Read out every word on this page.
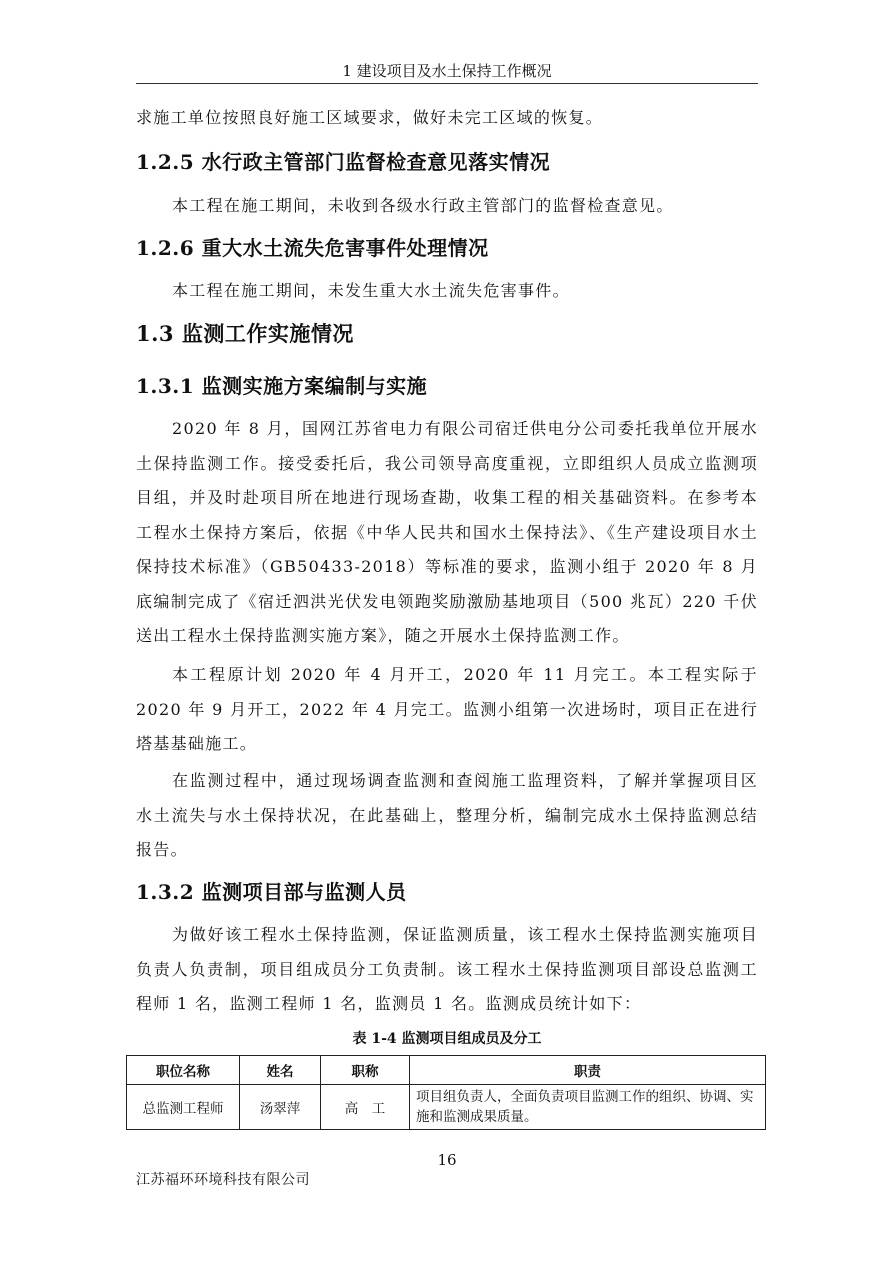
1 建设项目及水土保持工作概况
求施工单位按照良好施工区域要求，做好未完工区域的恢复。
1.2.5 水行政主管部门监督检查意见落实情况
本工程在施工期间，未收到各级水行政主管部门的监督检查意见。
1.2.6 重大水土流失危害事件处理情况
本工程在施工期间，未发生重大水土流失危害事件。
1.3 监测工作实施情况
1.3.1 监测实施方案编制与实施
2020 年 8 月，国网江苏省电力有限公司宿迁供电分公司委托我单位开展水土保持监测工作。接受委托后，我公司领导高度重视，立即组织人员成立监测项目组，并及时赴项目所在地进行现场查勘，收集工程的相关基础资料。在参考本工程水土保持方案后，依据《中华人民共和国水土保持法》、《生产建设项目水土保持技术标准》（GB50433-2018）等标准的要求，监测小组于 2020 年 8 月底编制完成了《宿迁泗洪光伏发电领跑奖励激励基地项目（500 兆瓦）220 千伏送出工程水土保持监测实施方案》，随之开展水土保持监测工作。
本工程原计划 2020 年 4 月开工，2020 年 11 月完工。本工程实际于 2020 年 9 月开工，2022 年 4 月完工。监测小组第一次进场时，项目正在进行塔基基础施工。
在监测过程中，通过现场调查监测和查阅施工监理资料，了解并掌握项目区水土流失与水土保持状况，在此基础上，整理分析，编制完成水土保持监测总结报告。
1.3.2 监测项目部与监测人员
为做好该工程水土保持监测，保证监测质量，该工程水土保持监测实施项目负责人负责制，项目组成员分工负责制。该工程水土保持监测项目部设总监测工程师 1 名，监测工程师 1 名，监测员 1 名。监测成员统计如下：
表 1-4 监测项目组成员及分工
职位名称	姓名	职称	职责
总监测工程师	汤翠萍	高　工	项目组负责人，全面负责项目监测工作的组织、协调、实施和监测成果质量。
16
江苏福环环境科技有限公司
